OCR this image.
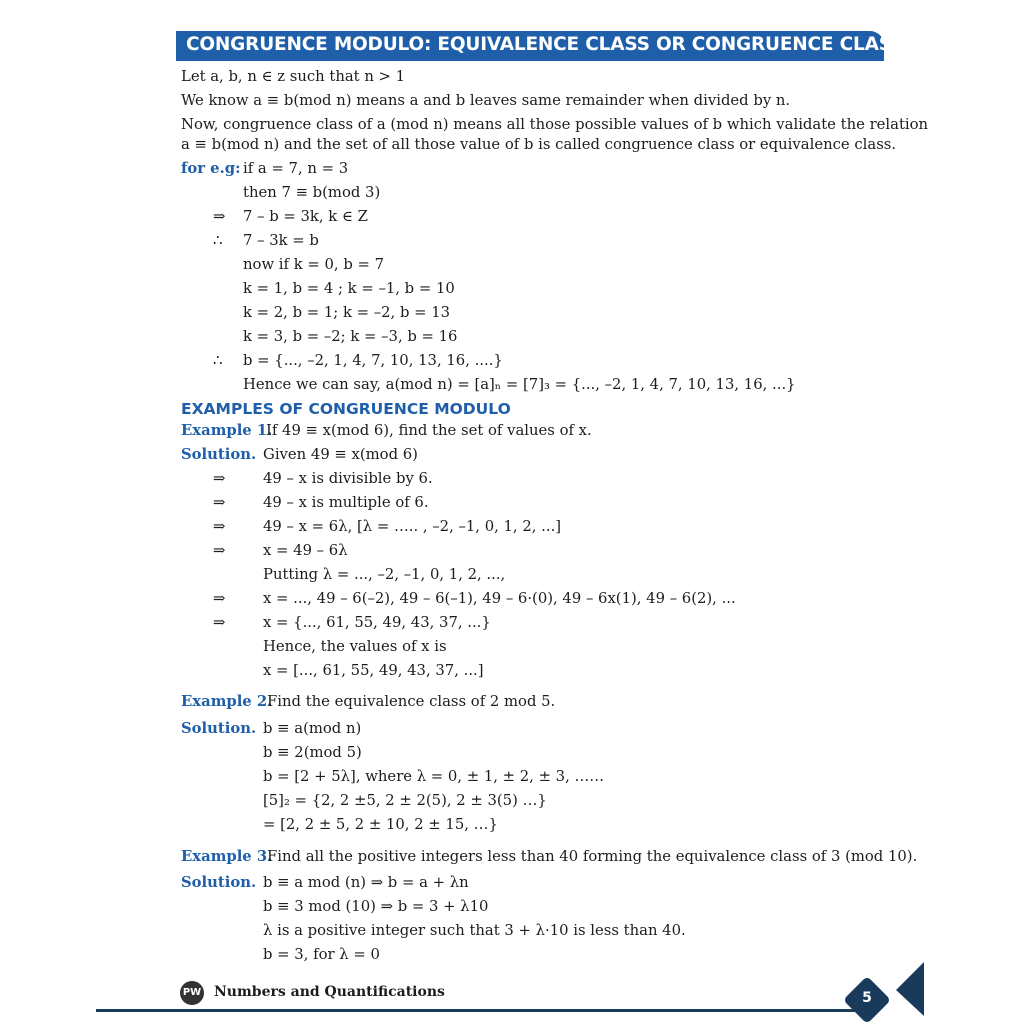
CONGRUENCE MODULO: EQUIVALENCE CLASS OR CONGRUENCE CLASS
Let a, b, n ∈ z such that n > 1
We know a ≡ b(mod n) means a and b leaves same remainder when divided by n.
Now, congruence class of a (mod n) means all those possible values of b which validate the relation
a ≡ b(mod n) and the set of all those value of b is called congruence class or equivalence class.
for e.g: if a = 7, n = 3
then 7 ≡ b(mod 3)
⇒ 7 – b = 3k, k ∈ Z
∴ 7 – 3k = b
now if k = 0, b = 7
k = 1, b = 4 ; k = –1, b = 10
k = 2, b = 1; k = –2, b = 13
k = 3, b = –2; k = –3, b = 16
∴ b = {..., –2, 1, 4, 7, 10, 13, 16, ....}
Hence we can say, a(mod n) = [a]ₙ = [7]₃ = {..., –2, 1, 4, 7, 10, 13, 16, ...}
EXAMPLES OF CONGRUENCE MODULO
Example 1.
If 49 ≡ x(mod 6), find the set of values of x.
Solution. Given 49 ≡ x(mod 6)
⇒	49 – x is divisible by 6.
⇒	49 – x is multiple of 6.
⇒	49 – x = 6λ, [λ = ….. , –2, –1, 0, 1, 2, ...]
⇒	x = 49 – 6λ
Putting λ = ..., –2, –1, 0, 1, 2, ...,
⇒	x = ..., 49 – 6(–2), 49 – 6(–1), 49 – 6·(0), 49 – 6x(1), 49 – 6(2), ...
⇒	x = {..., 61, 55, 49, 43, 37, ...}
Hence, the values of x is
x = [..., 61, 55, 49, 43, 37, ...]
Example 2.
Find the equivalence class of 2 mod 5.
Solution. b ≡ a(mod n)
b ≡ 2(mod 5)
b = [2 + 5λ], where λ = 0, ± 1, ± 2, ± 3, ……
[5]₂ = {2, 2 ±5, 2 ± 2(5), 2 ± 3(5) …}
= [2, 2 ± 5, 2 ± 10, 2 ± 15, …}
Example 3.
Find all the positive integers less than 40 forming the equivalence class of 3 (mod 10).
Solution. b ≡ a mod (n) ⇒ b = a + λn
b ≡ 3 mod (10) ⇒ b = 3 + λ10
λ is a positive integer such that 3 + λ·10 is less than 40.
b = 3, for λ = 0
PW Numbers and Quantifications	5
